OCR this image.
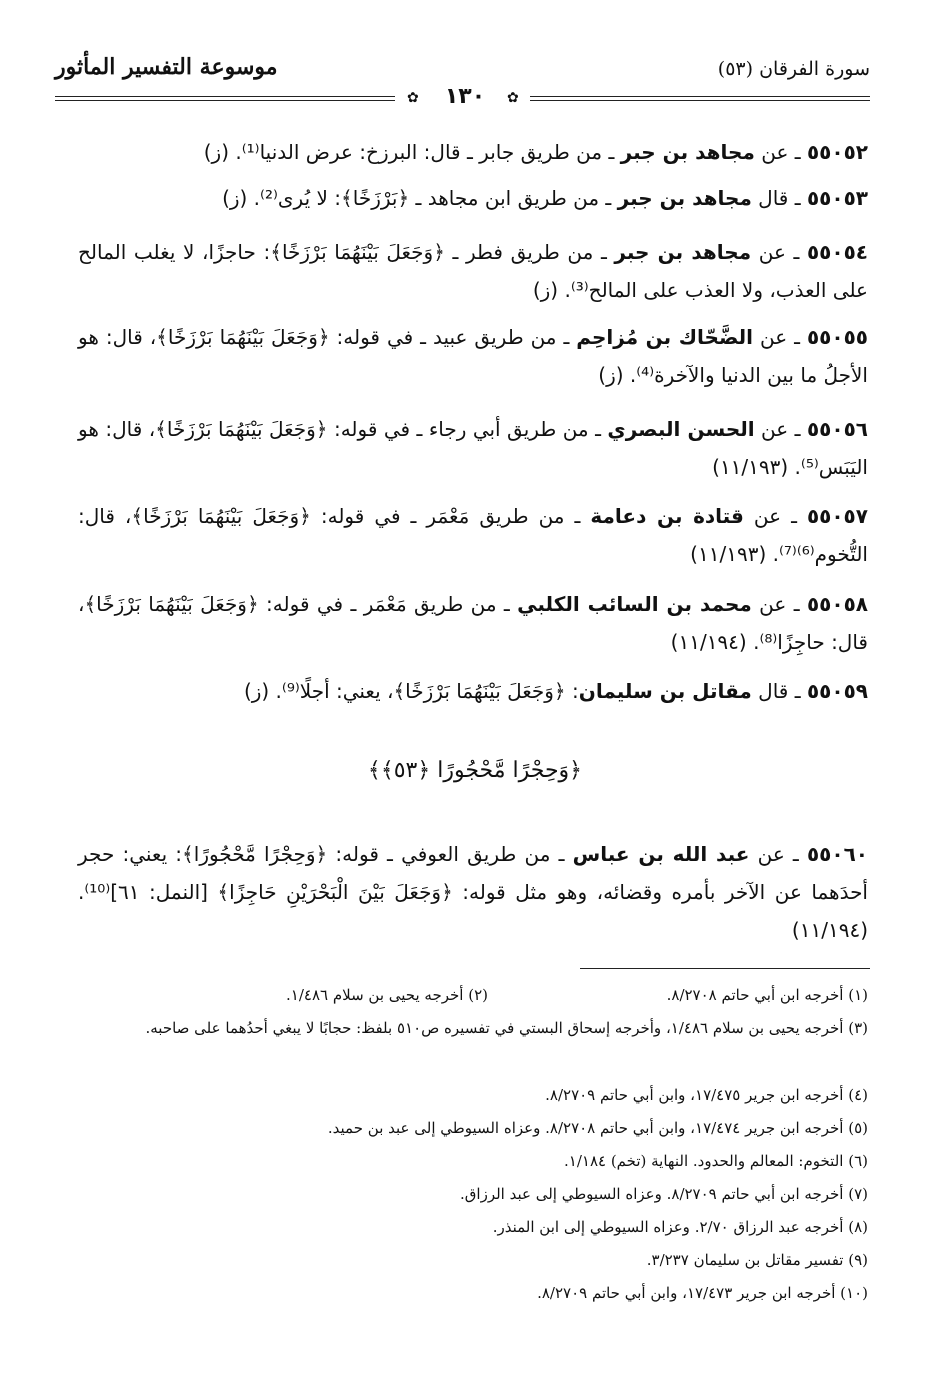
موسوعة التفسير المأثور	سورة الفرقان (٥٣)
✿	١٣٠	✿
٥٥٠٥٢ ـ عن مجاهد بن جبر ـ من طريق جابر ـ قال: البرزخ: عرض الدنيا⁽¹⁾. (ز)
٥٥٠٥٣ ـ قال مجاهد بن جبر ـ من طريق ابن مجاهد ـ ﴿بَرْزَخًا﴾: لا يُرى⁽²⁾. (ز)
٥٥٠٥٤ ـ عن مجاهد بن جبر ـ من طريق فطر ـ ﴿وَجَعَلَ بَيْنَهُمَا بَرْزَخًا﴾: حاجزًا، لا يغلب المالح على العذب، ولا العذب على المالح⁽³⁾. (ز)
٥٥٠٥٥ ـ عن الضَّحّاك بن مُزاحِم ـ من طريق عبيد ـ في قوله: ﴿وَجَعَلَ بَيْنَهُمَا بَرْزَخًا﴾، قال: هو الأجلُ ما بين الدنيا والآخرة⁽⁴⁾. (ز)
٥٥٠٥٦ ـ عن الحسن البصري ـ من طريق أبي رجاء ـ في قوله: ﴿وَجَعَلَ بَيْنَهُمَا بَرْزَخًا﴾، قال: هو اليَبَس⁽⁵⁾. (١١/١٩٣)
٥٥٠٥٧ ـ عن قتادة بن دعامة ـ من طريق مَعْمَر ـ في قوله: ﴿وَجَعَلَ بَيْنَهُمَا بَرْزَخًا﴾، قال: التُّخوم⁽⁶⁾⁽⁷⁾. (١١/١٩٣)
٥٥٠٥٨ ـ عن محمد بن السائب الكلبي ـ من طريق مَعْمَر ـ في قوله: ﴿وَجَعَلَ بَيْنَهُمَا بَرْزَخًا﴾، قال: حاجِزًا⁽⁸⁾. (١١/١٩٤)
٥٥٠٥٩ ـ قال مقاتل بن سليمان: ﴿وَجَعَلَ بَيْنَهُمَا بَرْزَخًا﴾، يعني: أجلًا⁽⁹⁾. (ز)
﴿وَحِجْرًا مَّحْجُورًا ﴿٥٣﴾﴾
٥٥٠٦٠ ـ عن عبد الله بن عباس ـ من طريق العوفي ـ قوله: ﴿وَحِجْرًا مَّحْجُورًا﴾: يعني: حجر أحدَهما عن الآخر بأمره وقضائه، وهو مثل قوله: ﴿وَجَعَلَ بَيْنَ الْبَحْرَيْنِ حَاجِزًا﴾ [النمل: ٦١]⁽¹⁰⁾. (١١/١٩٤)
(١) أخرجه ابن أبي حاتم ٨/٢٧٠٨.
(٢) أخرجه يحيى بن سلام ١/٤٨٦.
(٣) أخرجه يحيى بن سلام ١/٤٨٦، وأخرجه إسحاق البستي في تفسيره ص٥١٠ بلفظ: حجابًا لا يبغي أحدُهما على صاحبه.
(٤) أخرجه ابن جرير ١٧/٤٧٥، وابن أبي حاتم ٨/٢٧٠٩.
(٥) أخرجه ابن جرير ١٧/٤٧٤، وابن أبي حاتم ٨/٢٧٠٨. وعزاه السيوطي إلى عبد بن حميد.
(٦) التخوم: المعالم والحدود. النهاية (تخم) ١/١٨٤.
(٧) أخرجه ابن أبي حاتم ٨/٢٧٠٩. وعزاه السيوطي إلى عبد الرزاق.
(٨) أخرجه عبد الرزاق ٢/٧٠. وعزاه السيوطي إلى ابن المنذر.
(٩) تفسير مقاتل بن سليمان ٣/٢٣٧.
(١٠) أخرجه ابن جرير ١٧/٤٧٣، وابن أبي حاتم ٨/٢٧٠٩.
